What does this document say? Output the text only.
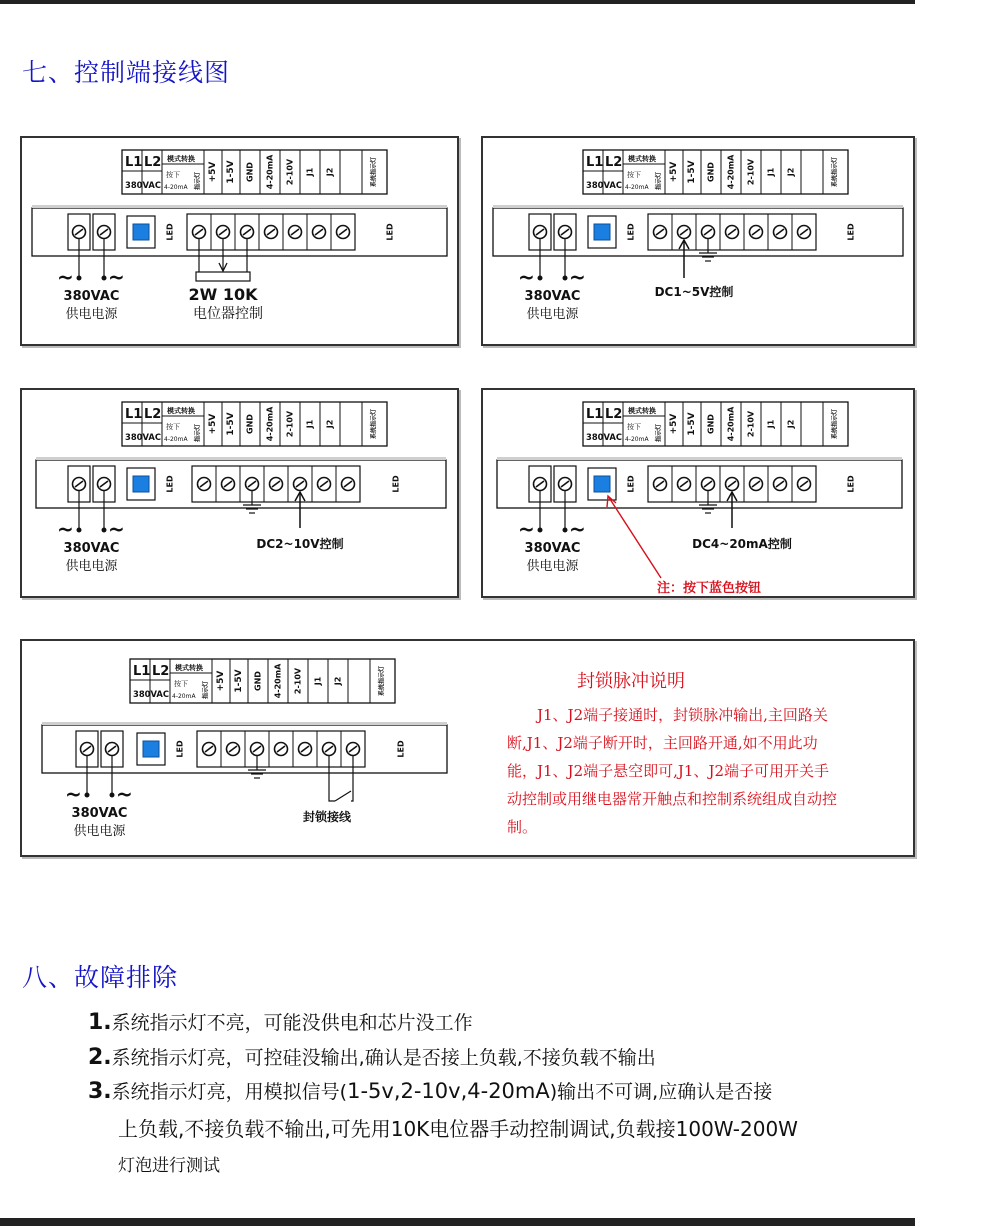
七、控制端接线图
L1 L2
380VAC
模式转换
按下
4-20mA 指示灯 +5V 1-5V GND 4-20mA 2-10V J1 J2	系统指示灯
LED	LED
~ ~
380VAC
供电电源
2W 10K
电位器控制
L1 L2
380VAC
模式转换
按下
4-20mA 指示灯 +5V 1-5V GND 4-20mA 2-10V J1 J2	系统指示灯
LED	LED
~ ~
380VAC
供电电源
DC1~5V控制
L1 L2
380VAC
模式转换
按下
4-20mA 指示灯 +5V 1-5V GND 4-20mA 2-10V J1 J2	系统指示灯
LED	LED
~ ~
380VAC
供电电源
DC2~10V控制
L1 L2
380VAC
模式转换
按下
4-20mA 指示灯 +5V 1-5V GND 4-20mA 2-10V J1 J2	系统指示灯
LED	LED
~ ~
380VAC
供电电源
DC4~20mA控制
注：按下蓝色按钮
L1 L2
380VAC
模式转换
按下
4-20mA 指示灯 +5V 1-5V GND 4-20mA 2-10V J1 J2	系统指示灯
LED	LED
~ ~
380VAC
供电电源
封锁接线
封锁脉冲说明

J1、J2端子接通时，封锁脉冲输出,主回路关断,J1、J2端子断开时，主回路开通,如不用此功能，J1、J2端子悬空即可,J1、J2端子可用开关手动控制或用继电器常开触点和控制系统组成自动控制。

八、故障排除

1.系统指示灯不亮，可能没供电和芯片没工作

2.系统指示灯亮，可控硅没输出,确认是否接上负载,不接负载不输出

3.系统指示灯亮，用模拟信号(1-5v,2-10v,4-20mA)输出不可调,应确认是否接

上负载,不接负载不输出,可先用10K电位器手动控制调试,负载接100W-200W

灯泡进行测试
